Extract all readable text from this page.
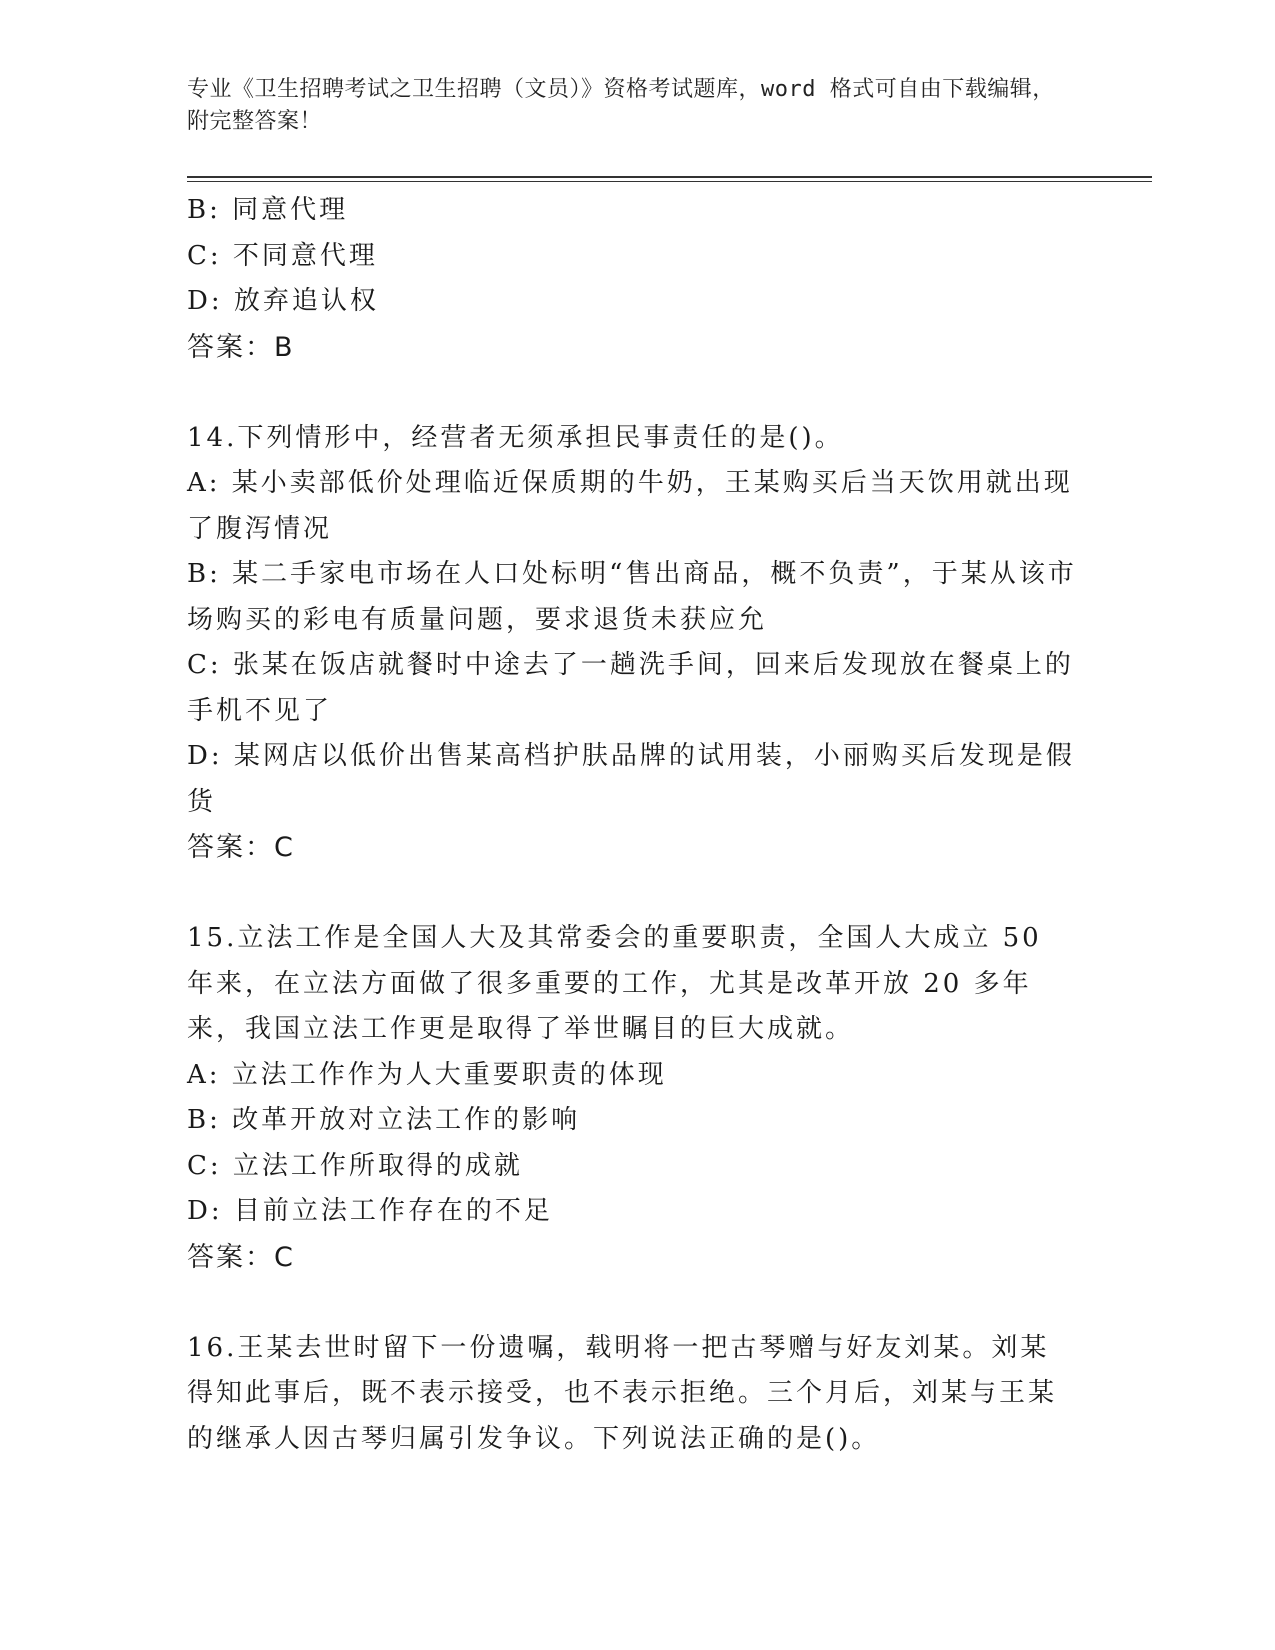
专业《卫生招聘考试之卫生招聘（文员）》资格考试题库，word 格式可自由下载编辑，附完整答案！

B: 同意代理

C: 不同意代理

D: 放弃追认权

答案：B

14.下列情形中，经营者无须承担民事责任的是()。

A: 某小卖部低价处理临近保质期的牛奶，王某购买后当天饮用就出现了腹泻情况

B: 某二手家电市场在人口处标明“售出商品，概不负责”，于某从该市场购买的彩电有质量问题，要求退货未获应允

C: 张某在饭店就餐时中途去了一趟洗手间，回来后发现放在餐桌上的手机不见了

D: 某网店以低价出售某高档护肤品牌的试用装，小丽购买后发现是假货

答案：C

15.立法工作是全国人大及其常委会的重要职责，全国人大成立 50 年来，在立法方面做了很多重要的工作，尤其是改革开放 20 多年来，我国立法工作更是取得了举世瞩目的巨大成就。

A: 立法工作作为人大重要职责的体现

B: 改革开放对立法工作的影响

C: 立法工作所取得的成就

D: 目前立法工作存在的不足

答案：C

16.王某去世时留下一份遗嘱，载明将一把古琴赠与好友刘某。刘某得知此事后，既不表示接受，也不表示拒绝。三个月后，刘某与王某的继承人因古琴归属引发争议。下列说法正确的是()。
